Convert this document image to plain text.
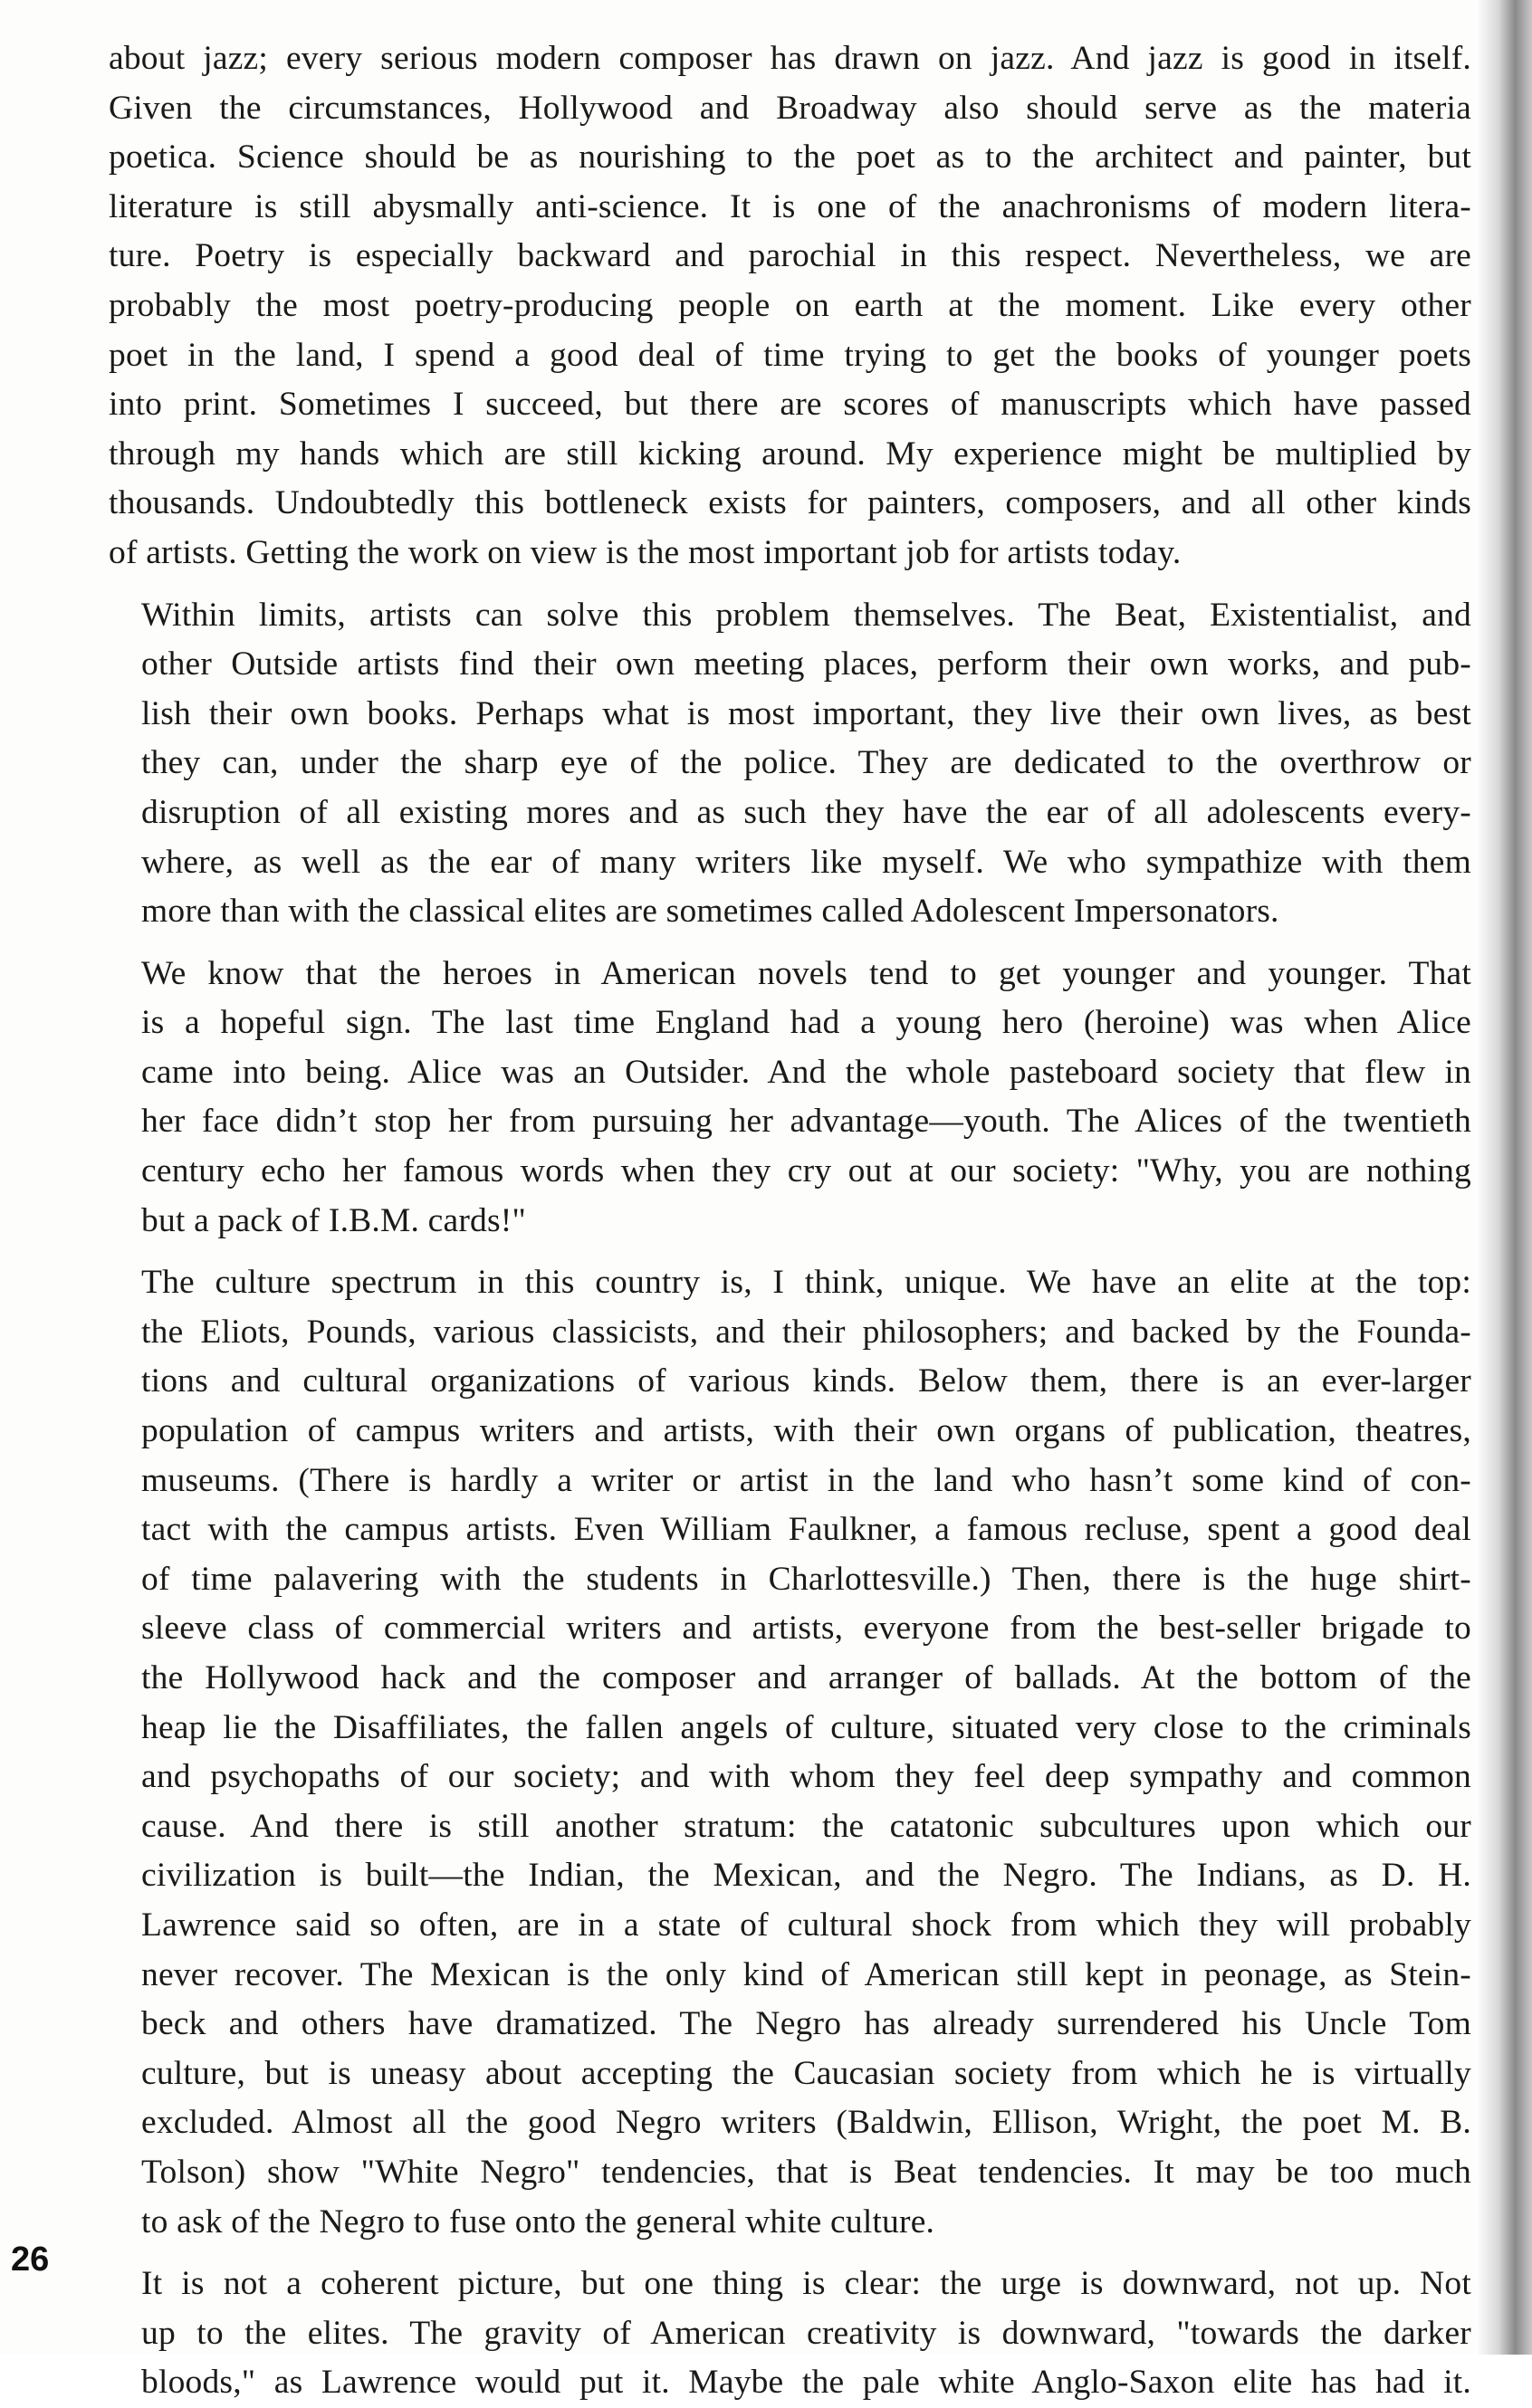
about jazz; every serious modern composer has drawn on jazz. And jazz is good in itself.
Given the circumstances, Hollywood and Broadway also should serve as the materia
poetica. Science should be as nourishing to the poet as to the architect and painter, but
literature is still abysmally anti-science. It is one of the anachronisms of modern litera-
ture. Poetry is especially backward and parochial in this respect. Nevertheless, we are
probably the most poetry-producing people on earth at the moment. Like every other
poet in the land, I spend a good deal of time trying to get the books of younger poets
into print. Sometimes I succeed, but there are scores of manuscripts which have passed
through my hands which are still kicking around. My experience might be multiplied by
thousands. Undoubtedly this bottleneck exists for painters, composers, and all other kinds
of artists. Getting the work on view is the most important job for artists today.

Within limits, artists can solve this problem themselves. The Beat, Existentialist, and
other Outside artists find their own meeting places, perform their own works, and pub-
lish their own books. Perhaps what is most important, they live their own lives, as best
they can, under the sharp eye of the police. They are dedicated to the overthrow or
disruption of all existing mores and as such they have the ear of all adolescents every-
where, as well as the ear of many writers like myself. We who sympathize with them
more than with the classical elites are sometimes called Adolescent Impersonators.

We know that the heroes in American novels tend to get younger and younger. That
is a hopeful sign. The last time England had a young hero (heroine) was when Alice
came into being. Alice was an Outsider. And the whole pasteboard society that flew in
her face didn’t stop her from pursuing her advantage—youth. The Alices of the twentieth
century echo her famous words when they cry out at our society: "Why, you are nothing
but a pack of I.B.M. cards!"

The culture spectrum in this country is, I think, unique. We have an elite at the top:
the Eliots, Pounds, various classicists, and their philosophers; and backed by the Founda-
tions and cultural organizations of various kinds. Below them, there is an ever-larger
population of campus writers and artists, with their own organs of publication, theatres,
museums. (There is hardly a writer or artist in the land who hasn’t some kind of con-
tact with the campus artists. Even William Faulkner, a famous recluse, spent a good deal
of time palavering with the students in Charlottesville.) Then, there is the huge shirt-
sleeve class of commercial writers and artists, everyone from the best-seller brigade to
the Hollywood hack and the composer and arranger of ballads. At the bottom of the
heap lie the Disaffiliates, the fallen angels of culture, situated very close to the criminals
and psychopaths of our society; and with whom they feel deep sympathy and common
cause. And there is still another stratum: the catatonic subcultures upon which our
civilization is built—the Indian, the Mexican, and the Negro. The Indians, as D. H.
Lawrence said so often, are in a state of cultural shock from which they will probably
never recover. The Mexican is the only kind of American still kept in peonage, as Stein-
beck and others have dramatized. The Negro has already surrendered his Uncle Tom
culture, but is uneasy about accepting the Caucasian society from which he is virtually
excluded. Almost all the good Negro writers (Baldwin, Ellison, Wright, the poet M. B.
Tolson) show "White Negro" tendencies, that is Beat tendencies. It may be too much
to ask of the Negro to fuse onto the general white culture.

It is not a coherent picture, but one thing is clear: the urge is downward, not up. Not
up to the elites. The gravity of American creativity is downward, "towards the darker
bloods," as Lawrence would put it. Maybe the pale white Anglo-Saxon elite has had it.

26
